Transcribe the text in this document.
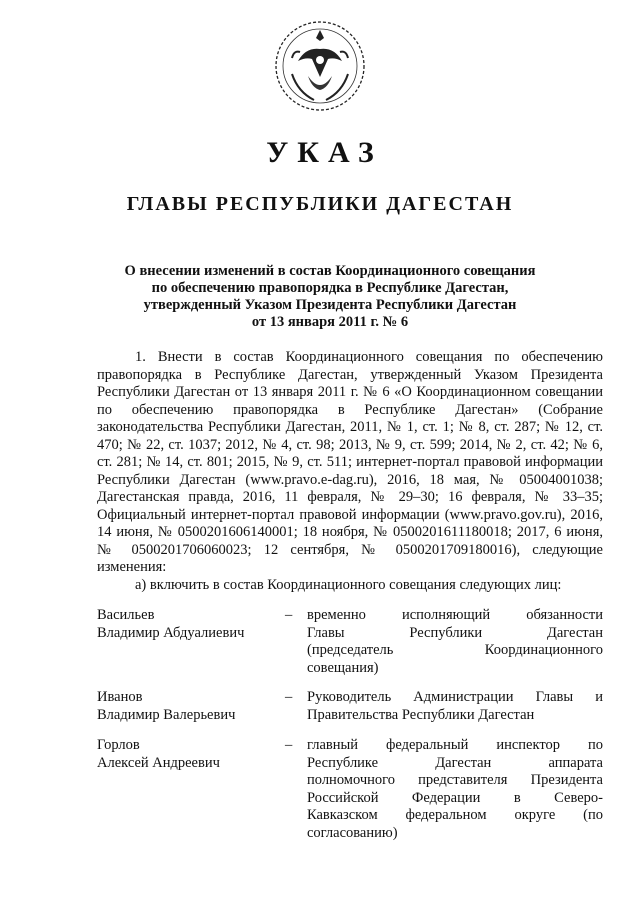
УКАЗ
ГЛАВЫ РЕСПУБЛИКИ ДАГЕСТАН
О внесении изменений в состав Координационного совещания
по обеспечению правопорядка в Республике Дагестан,
утвержденный Указом Президента Республики Дагестан
от 13 января 2011 г. № 6

1. Внести в состав Координационного совещания по обеспечению правопорядка в Республике Дагестан, утвержденный Указом Президента Республики Дагестан от 13 января 2011 г. № 6 «О Координационном совещании по обеспечению правопорядка в Республике Дагестан» (Собрание законодательства Республики Дагестан, 2011, № 1, ст. 1; № 8, ст. 287; № 12, ст. 470; № 22, ст. 1037; 2012, № 4, ст. 98; 2013, № 9, ст. 599; 2014, № 2, ст. 42; № 6, ст. 281; № 14, ст. 801; 2015, № 9, ст. 511; интернет-портал правовой информации Республики Дагестан (www.pravo.e-dag.ru), 2016, 18 мая, № 05004001038; Дагестанская правда, 2016, 11 февраля, № 29–30; 16 февраля, № 33–35; Официальный интернет-портал правовой информации (www.pravo.gov.ru), 2016, 14 июня, № 0500201606140001; 18 ноября, № 0500201611180018; 2017, 6 июня, № 0500201706060023; 12 сентября, № 0500201709180016), следующие изменения:

а) включить в состав Координационного совещания следующих лиц:

Васильев
Владимир Абдуалиевич
– временно исполняющий обязанности
Главы Республики Дагестан
(председатель Координационного
совещания)
Иванов
Владимир Валерьевич
– Руководитель Администрации Главы и
Правительства Республики Дагестан
Горлов
Алексей Андреевич
– главный федеральный инспектор по
Республике Дагестан аппарата
полномочного представителя Президента
Российской Федерации в Северо-
Кавказском федеральном округе (по
согласованию)
